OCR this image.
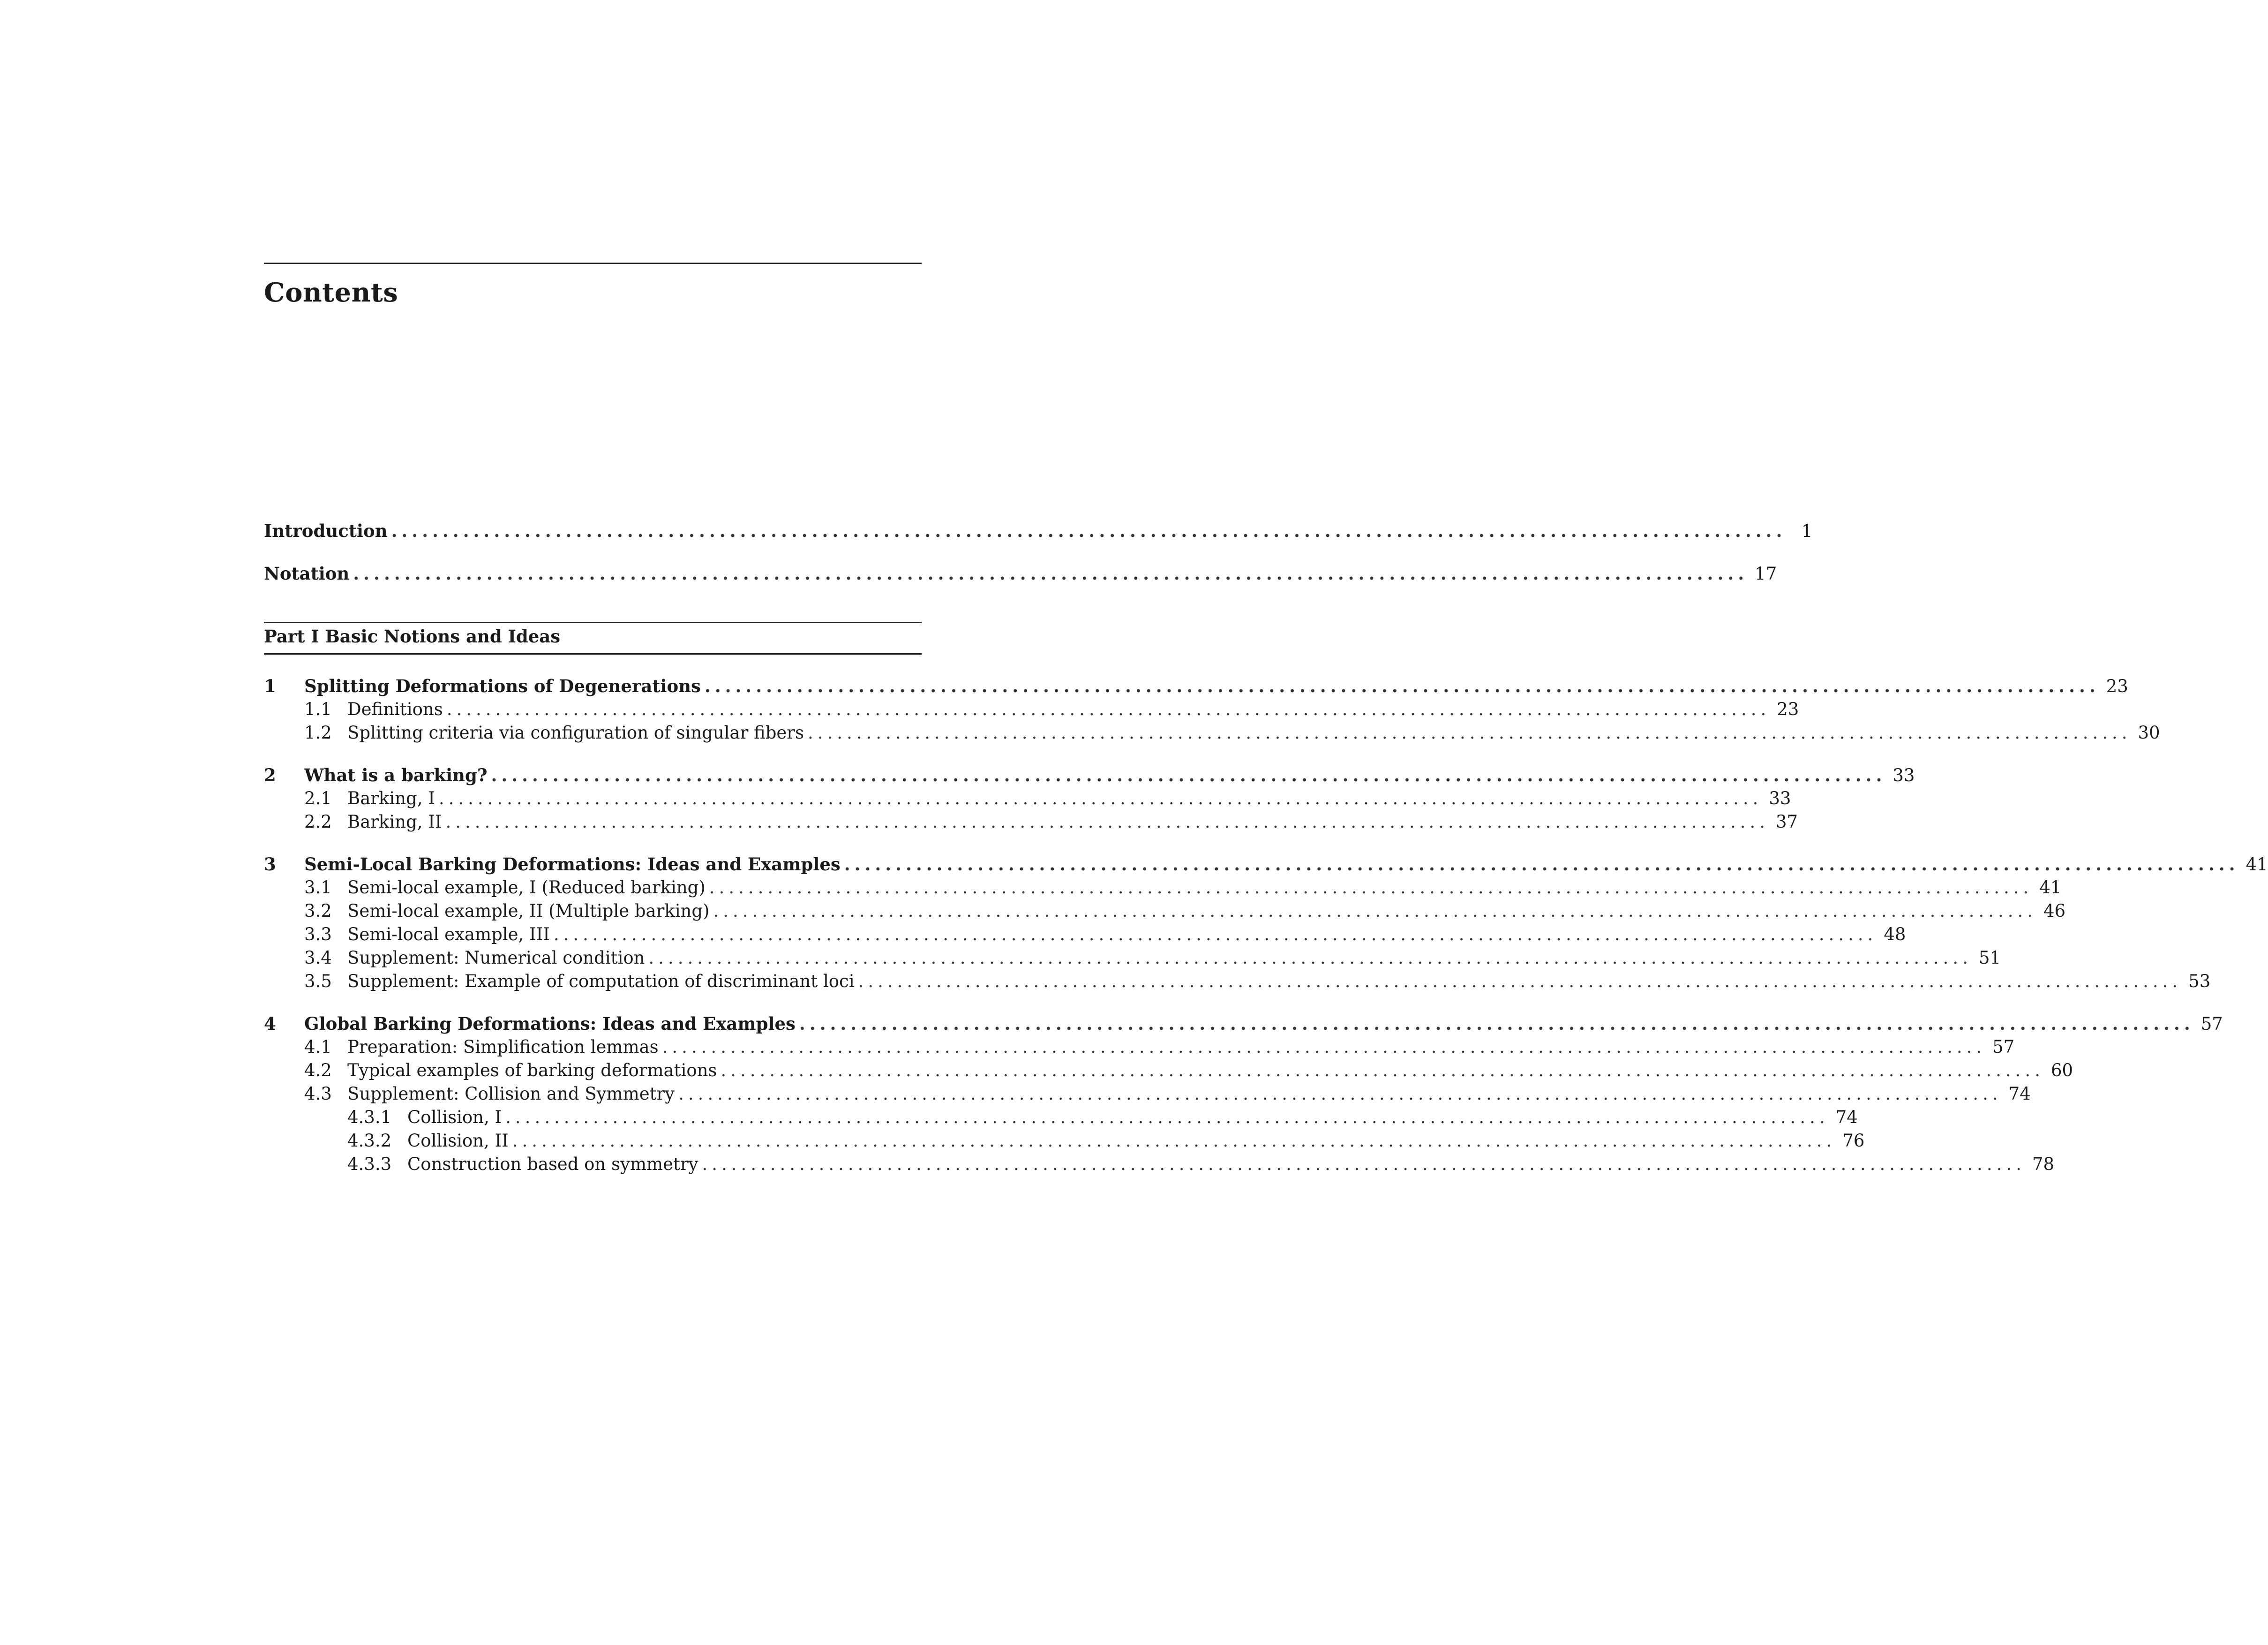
Contents
Introduction ........................................................................................................................................ 1
Notation ........................................................................................................................................ 17
Part I Basic Notions and Ideas
1	Splitting Deformations of Degenerations ........................................................................................................................................ 23
1.1 Definitions ........................................................................................................................................ 23
1.2 Splitting criteria via configuration of singular fibers ........................................................................................................................................ 30
2	What is a barking? ........................................................................................................................................ 33
2.1 Barking, I ........................................................................................................................................ 33
2.2 Barking, II ........................................................................................................................................ 37
3	Semi-Local Barking Deformations: Ideas and Examples ........................................................................................................................................ 41
3.1 Semi-local example, I (Reduced barking) ........................................................................................................................................ 41
3.2 Semi-local example, II (Multiple barking) ........................................................................................................................................ 46
3.3 Semi-local example, III ........................................................................................................................................ 48
3.4 Supplement: Numerical condition ........................................................................................................................................ 51
3.5 Supplement: Example of computation of discriminant loci ........................................................................................................................................ 53
4	Global Barking Deformations: Ideas and Examples ........................................................................................................................................ 57
4.1 Preparation: Simplification lemmas ........................................................................................................................................ 57
4.2 Typical examples of barking deformations ........................................................................................................................................ 60
4.3 Supplement: Collision and Symmetry ........................................................................................................................................ 74
4.3.1 Collision, I ........................................................................................................................................ 74
4.3.2 Collision, II ........................................................................................................................................ 76
4.3.3 Construction based on symmetry ........................................................................................................................................ 78
